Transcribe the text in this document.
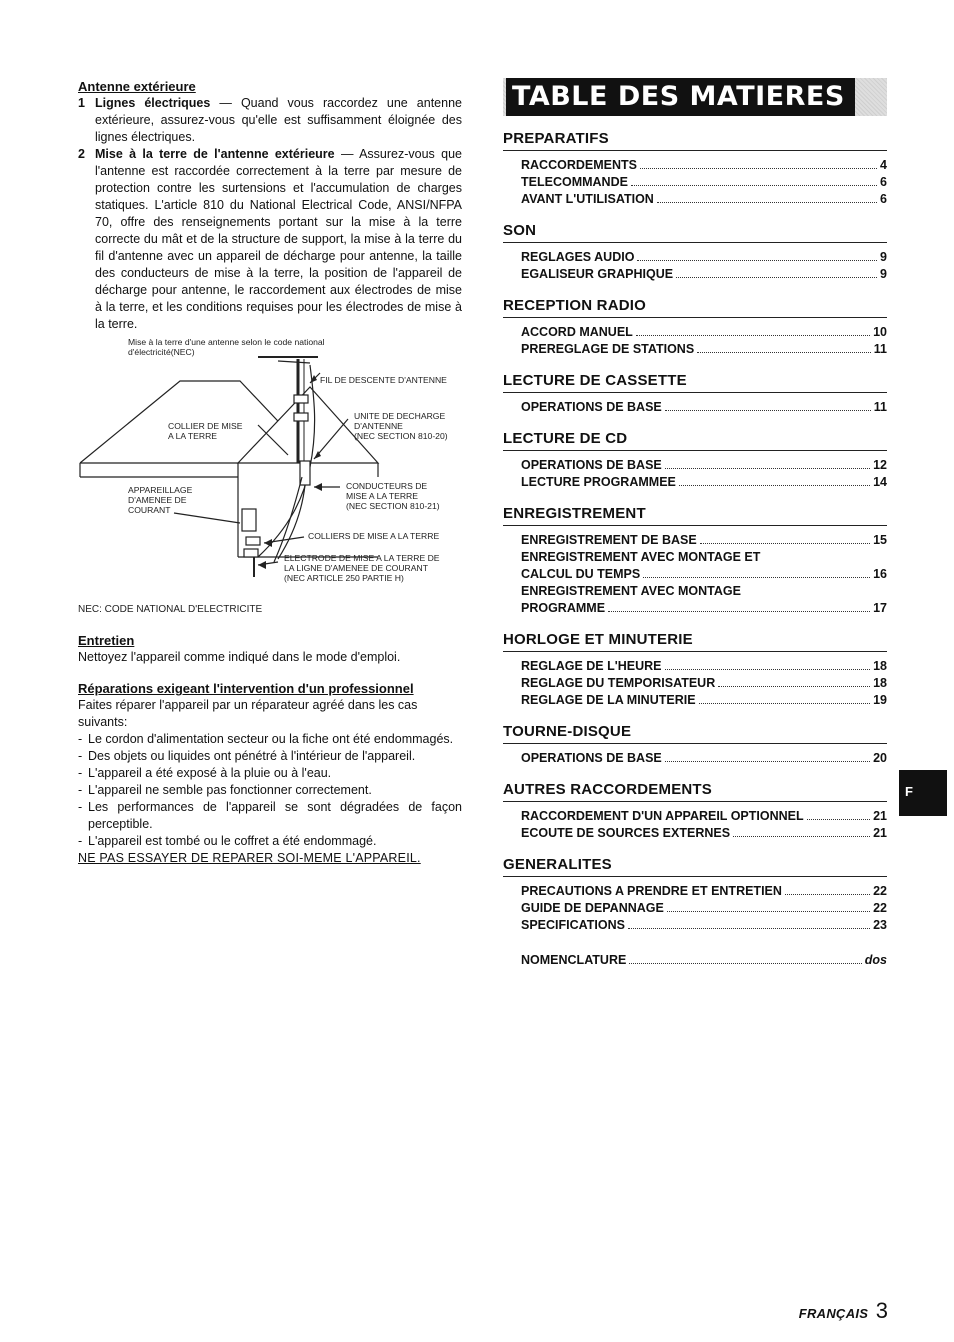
Antenne extérieure
1 Lignes électriques — Quand vous raccordez une antenne extérieure, assurez-vous qu'elle est suffisamment éloignée des lignes électriques.
2 Mise à la terre de l'antenne extérieure — Assurez-vous que l'antenne est raccordée correctement à la terre par mesure de protection contre les surtensions et l'accumulation de charges statiques. L'article 810 du National Electrical Code, ANSI/NFPA 70, offre des renseignements portant sur la mise à la terre correcte du mât et de la structure de support, la mise à la terre du fil d'antenne avec un appareil de décharge pour antenne, la taille des conducteurs de mise à la terre, la position de l'appareil de décharge pour antenne, le raccordement aux électrodes de mise à la terre, et les conditions requises pour les électrodes de mise à la terre.
Mise à la terre d'une antenne selon le code national
d'électricité(NEC)
FIL DE DESCENTE D'ANTENNE
COLLIER DE MISE
A LA TERRE
UNITE DE DECHARGE
D'ANTENNE
(NEC SECTION 810-20)
APPAREILLAGE
D'AMENEE DE
COURANT
CONDUCTEURS DE
MISE A LA TERRE
(NEC SECTION 810-21)
COLLIERS DE MISE A LA TERRE
ELECTRODE DE MISE A LA TERRE DE
LA LIGNE D'AMENEE DE COURANT
(NEC ARTICLE 250 PARTIE H)
NEC: CODE NATIONAL D'ELECTRICITE
Entretien
Nettoyez l'appareil comme indiqué dans le mode d'emploi.
Réparations exigeant l'intervention d'un professionnel
Faites réparer l'appareil par un réparateur agréé dans les cas suivants:
- Le cordon d'alimentation secteur ou la fiche ont été endommagés.
- Des objets ou liquides ont pénétré à l'intérieur de l'appareil.
- L'appareil a été exposé à la pluie ou à l'eau.
- L'appareil ne semble pas fonctionner correctement.
- Les performances de l'appareil se sont dégradées de façon perceptible.
- L'appareil est tombé ou le coffret a été endommagé.
NE PAS ESSAYER DE REPARER SOI-MEME L'APPAREIL.
TABLE DES MATIERES
PREPARATIFS
RACCORDEMENTS	4
TELECOMMANDE	6
AVANT L'UTILISATION	6
SON
REGLAGES AUDIO	9
EGALISEUR GRAPHIQUE	9
RECEPTION RADIO
ACCORD MANUEL	10
PREREGLAGE DE STATIONS	11
LECTURE DE CASSETTE
OPERATIONS DE BASE	11
LECTURE DE CD
OPERATIONS DE BASE	12
LECTURE PROGRAMMEE	14
ENREGISTREMENT
ENREGISTREMENT DE BASE	15
ENREGISTREMENT AVEC MONTAGE ET
CALCUL DU TEMPS	16
ENREGISTREMENT AVEC MONTAGE
PROGRAMME	17
HORLOGE ET MINUTERIE
REGLAGE DE L'HEURE	18
REGLAGE DU TEMPORISATEUR	18
REGLAGE DE LA MINUTERIE	19
TOURNE-DISQUE
OPERATIONS DE BASE	20
AUTRES RACCORDEMENTS
RACCORDEMENT D'UN APPAREIL OPTIONNEL	21
ECOUTE DE SOURCES EXTERNES	21
GENERALITES
PRECAUTIONS A PRENDRE ET ENTRETIEN	22
GUIDE DE DEPANNAGE	22
SPECIFICATIONS	23
NOMENCLATURE	dos
F
FRANÇAIS 3
